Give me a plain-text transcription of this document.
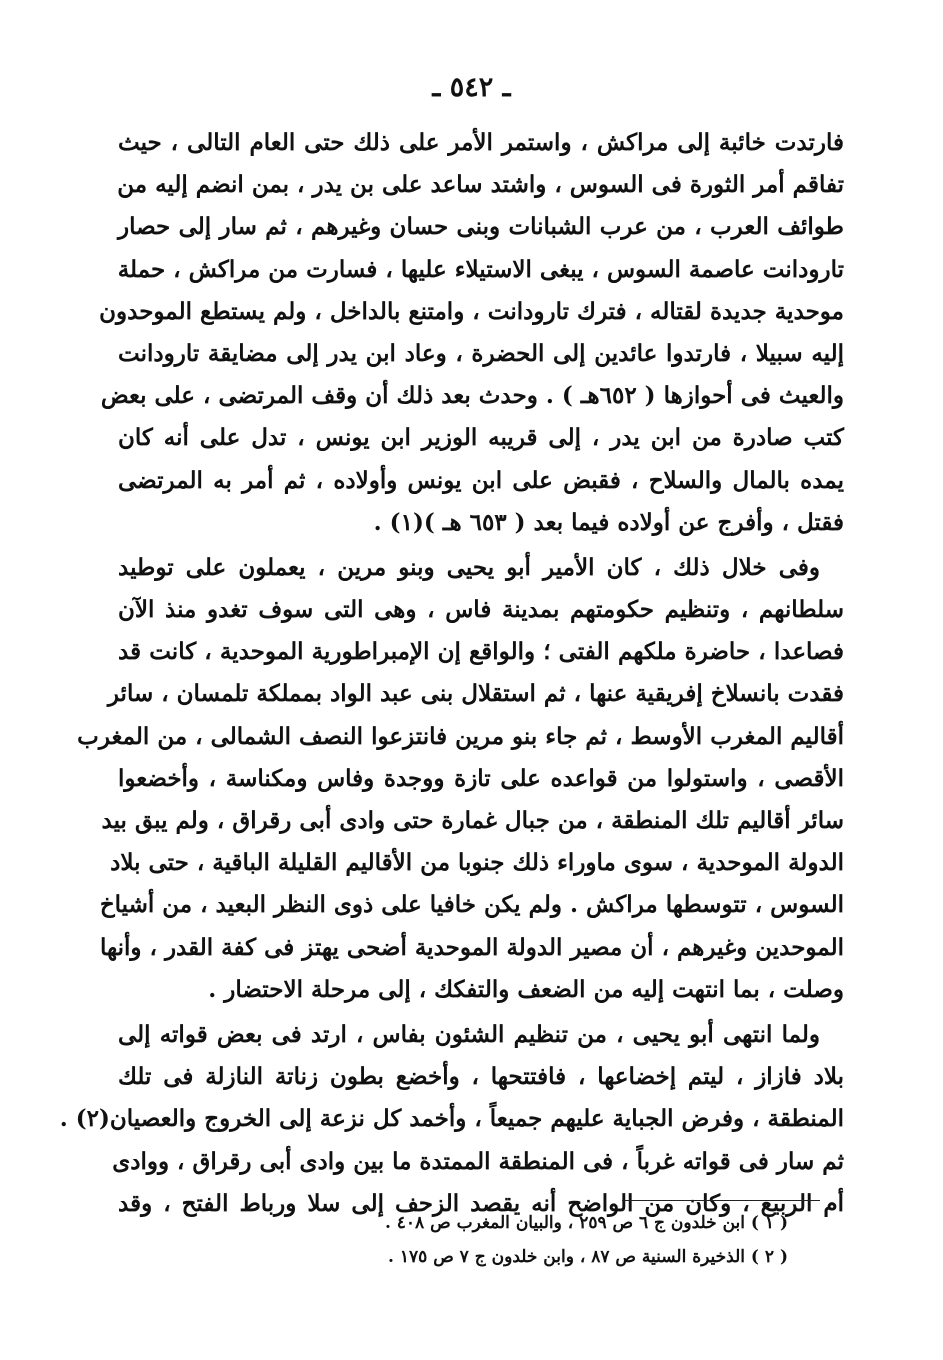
ـ ٥٤٢ ـ
فارتدت خائبة إلى مراكش ، واستمر الأمر على ذلك حتى العام التالى ، حيث
تفاقم أمر الثورة فى السوس ، واشتد ساعد على بن يدر ، بمن انضم إليه من
طوائف العرب ، من عرب الشبانات وبنى حسان وغيرهم ، ثم سار إلى حصار
تارودانت عاصمة السوس ، يبغى الاستيلاء عليها ، فسارت من مراكش ، حملة
موحدية جديدة لقتاله ، فترك تارودانت ، وامتنع بالداخل ، ولم يستطع الموحدون
إليه سبيلا ، فارتدوا عائدين إلى الحضرة ، وعاد ابن يدر إلى مضايقة تارودانت
والعيث فى أحوازها ( ٦٥٢هـ ) . وحدث بعد ذلك أن وقف المرتضى ، على بعض
كتب صادرة من ابن يدر ، إلى قريبه الوزير ابن يونس ، تدل على أنه كان
يمده بالمال والسلاح ، فقبض على ابن يونس وأولاده ، ثم أمر به المرتضى
فقتل ، وأفرج عن أولاده فيما بعد ( ٦٥٣ هـ )(١) .
وفى خلال ذلك ، كان الأمير أبو يحيى وبنو مرين ، يعملون على توطيد
سلطانهم ، وتنظيم حكومتهم بمدينة فاس ، وهى التى سوف تغدو منذ الآن
فصاعدا ، حاضرة ملكهم الفتى ؛ والواقع إن الإمبراطورية الموحدية ، كانت قد
فقدت بانسلاخ إفريقية عنها ، ثم استقلال بنى عبد الواد بمملكة تلمسان ، سائر
أقاليم المغرب الأوسط ، ثم جاء بنو مرين فانتزعوا النصف الشمالى ، من المغرب
الأقصى ، واستولوا من قواعده على تازة ووجدة وفاس ومكناسة ، وأخضعوا
سائر أقاليم تلك المنطقة ، من جبال غمارة حتى وادى أبى رقراق ، ولم يبق بيد
الدولة الموحدية ، سوى ماوراء ذلك جنوبا من الأقاليم القليلة الباقية ، حتى بلاد
السوس ، تتوسطها مراكش . ولم يكن خافيا على ذوى النظر البعيد ، من أشياخ
الموحدين وغيرهم ، أن مصير الدولة الموحدية أضحى يهتز فى كفة القدر ، وأنها
وصلت ، بما انتهت إليه من الضعف والتفكك ، إلى مرحلة الاحتضار .
ولما انتهى أبو يحيى ، من تنظيم الشئون بفاس ، ارتد فى بعض قواته إلى
بلاد فازاز ، ليتم إخضاعها ، فافتتحها ، وأخضع بطون زناتة النازلة فى تلك
المنطقة ، وفرض الجباية عليهم جميعاً ، وأخمد كل نزعة إلى الخروج والعصيان(٢) .
ثم سار فى قواته غرباً ، فى المنطقة الممتدة ما بين وادى أبى رقراق ، ووادى
أم الربيع ، وكان من الواضح أنه يقصد الزحف إلى سلا ورباط الفتح ، وقد
( ١ ) ابن خلدون ج ٦ ص ٢٥٩ ، والبيان المغرب ص ٤٠٨ .
( ٢ ) الذخيرة السنية ص ٨٧ ، وابن خلدون ج ٧ ص ١٧٥ .
